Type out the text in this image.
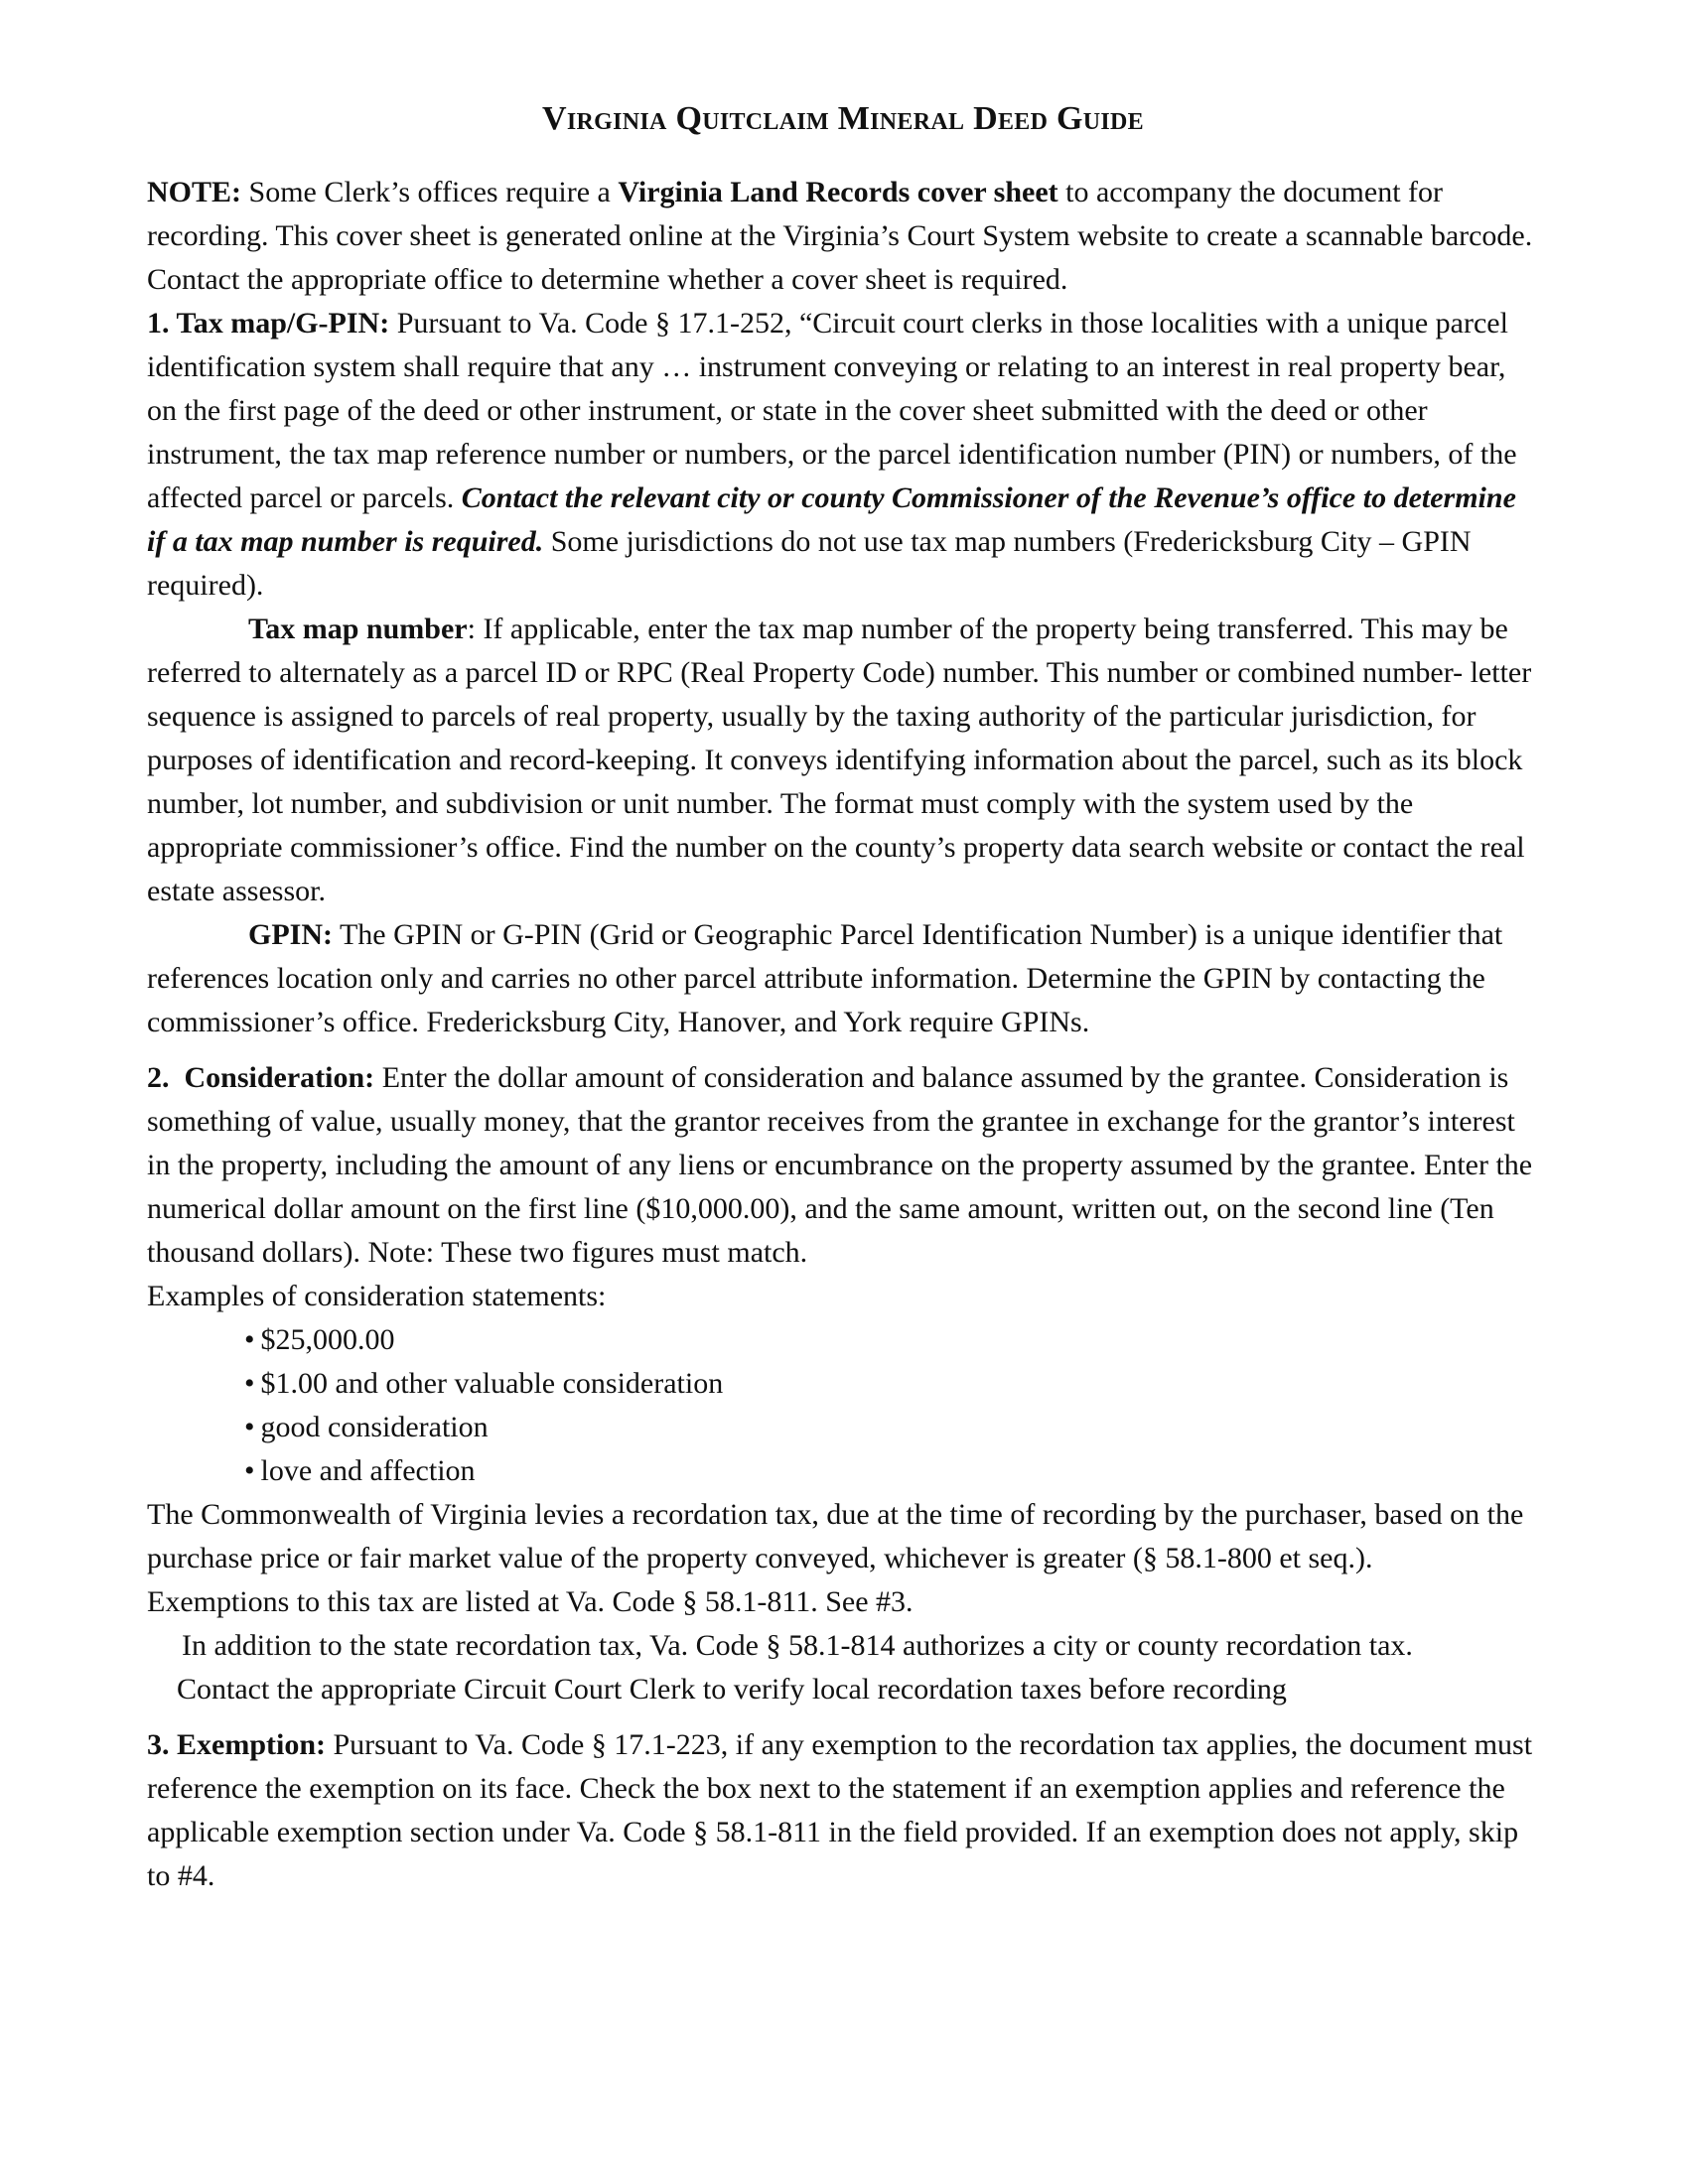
Virginia Quitclaim Mineral Deed Guide

NOTE: Some Clerk’s offices require a Virginia Land Records cover sheet to accompany the document for recording. This cover sheet is generated online at the Virginia’s Court System website to create a scannable barcode. Contact the appropriate office to determine whether a cover sheet is required.

1. Tax map/G-PIN: Pursuant to Va. Code § 17.1-252, “Circuit court clerks in those localities with a unique parcel identification system shall require that any … instrument conveying or relating to an interest in real property bear, on the first page of the deed or other instrument, or state in the cover sheet submitted with the deed or other instrument, the tax map reference number or numbers, or the parcel identification number (PIN) or numbers, of the affected parcel or parcels. Contact the relevant city or county Commissioner of the Revenue’s office to determine if a tax map number is required. Some jurisdictions do not use tax map numbers (Fredericksburg City – GPIN required).

Tax map number: If applicable, enter the tax map number of the property being transferred. This may be referred to alternately as a parcel ID or RPC (Real Property Code) number. This number or combined number- letter sequence is assigned to parcels of real property, usually by the taxing authority of the particular jurisdiction, for purposes of identification and record-keeping. It conveys identifying information about the parcel, such as its block number, lot number, and subdivision or unit number. The format must comply with the system used by the appropriate commissioner’s office. Find the number on the county’s property data search website or contact the real estate assessor.

GPIN: The GPIN or G-PIN (Grid or Geographic Parcel Identification Number) is a unique identifier that references location only and carries no other parcel attribute information. Determine the GPIN by contacting the commissioner’s office. Fredericksburg City, Hanover, and York require GPINs.

2.  Consideration: Enter the dollar amount of consideration and balance assumed by the grantee. Consideration is something of value, usually money, that the grantor receives from the grantee in exchange for the grantor’s interest in the property, including the amount of any liens or encumbrance on the property assumed by the grantee. Enter the numerical dollar amount on the first line ($10,000.00), and the same amount, written out, on the second line (Ten thousand dollars). Note: These two figures must match.

Examples of consideration statements:

• $25,000.00
• $1.00 and other valuable consideration
• good consideration
• love and affection

The Commonwealth of Virginia levies a recordation tax, due at the time of recording by the purchaser, based on the purchase price or fair market value of the property conveyed, whichever is greater (§ 58.1-800 et seq.).

Exemptions to this tax are listed at Va. Code § 58.1-811. See #3.

In addition to the state recordation tax, Va. Code § 58.1-814 authorizes a city or county recordation tax.

Contact the appropriate Circuit Court Clerk to verify local recordation taxes before recording

3. Exemption: Pursuant to Va. Code § 17.1-223, if any exemption to the recordation tax applies, the document must reference the exemption on its face. Check the box next to the statement if an exemption applies and reference the applicable exemption section under Va. Code § 58.1-811 in the field provided. If an exemption does not apply, skip to #4.
